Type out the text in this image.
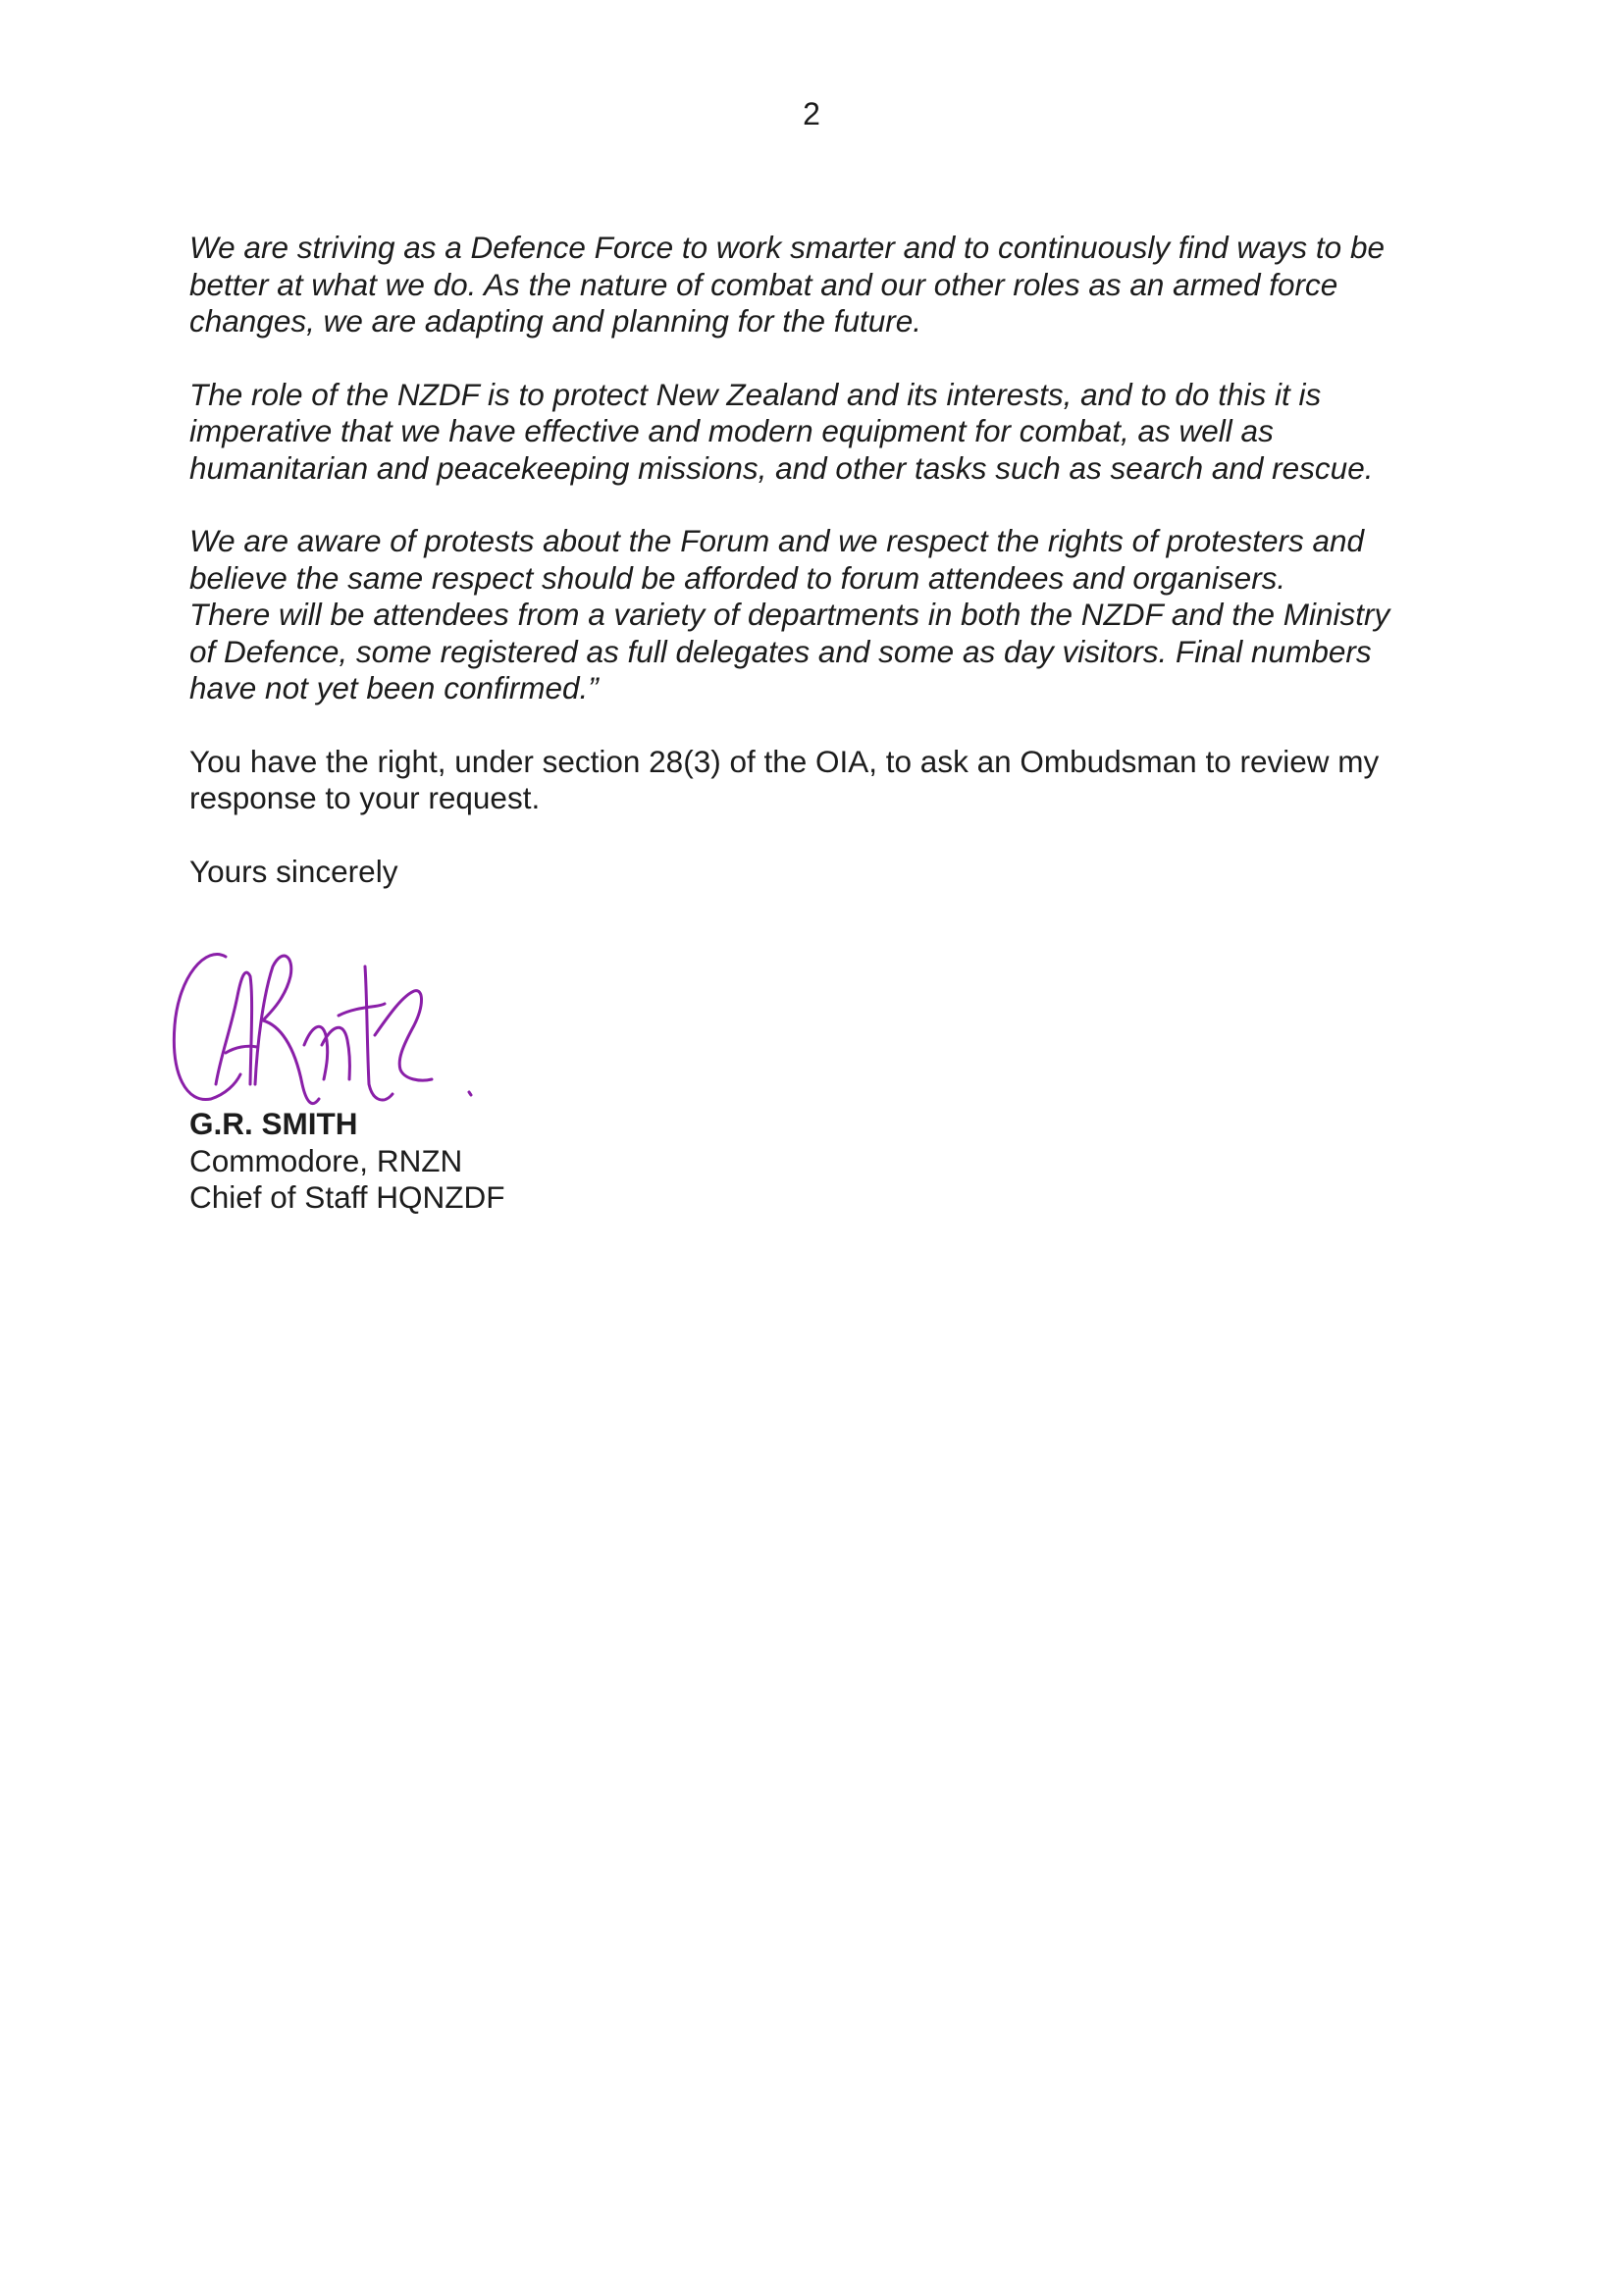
2

We are striving as a Defence Force to work smarter and to continuously find ways to be
better at what we do. As the nature of combat and our other roles as an armed force
changes, we are adapting and planning for the future.

The role of the NZDF is to protect New Zealand and its interests, and to do this it is
imperative that we have effective and modern equipment for combat, as well as
humanitarian and peacekeeping missions, and other tasks such as search and rescue.

We are aware of protests about the Forum and we respect the rights of protesters and
believe the same respect should be afforded to forum attendees and organisers.
There will be attendees from a variety of departments in both the NZDF and the Ministry
of Defence, some registered as full delegates and some as day visitors. Final numbers
have not yet been confirmed.”

You have the right, under section 28(3) of the OIA, to ask an Ombudsman to review my
response to your request.

Yours sincerely

G.R. SMITH
Commodore, RNZN
Chief of Staff HQNZDF
